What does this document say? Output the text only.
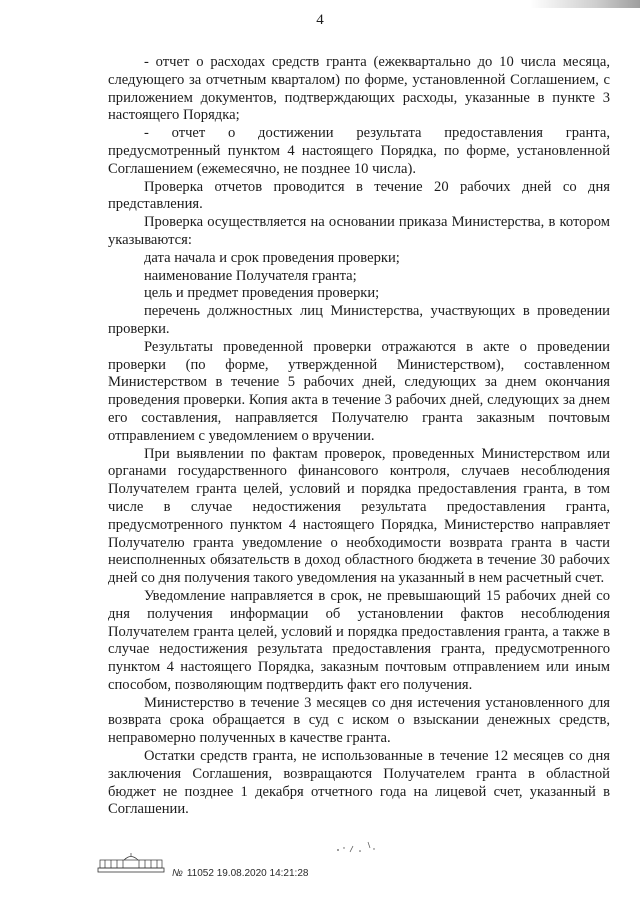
4

- отчет о расходах средств гранта (ежеквартально до 10 числа месяца, следующего за отчетным кварталом) по форме, установленной Соглашением, с приложением документов, подтверждающих расходы, указанные в пункте 3 настоящего Порядка;

- отчет о достижении результата предоставления гранта, предусмотренный пунктом 4 настоящего Порядка, по форме, установленной Соглашением (ежемесячно, не позднее 10 числа).

Проверка отчетов проводится в течение 20 рабочих дней со дня представления.

Проверка осуществляется на основании приказа Министерства, в котором указываются:

дата начала и срок проведения проверки;

наименование Получателя гранта;

цель и предмет проведения проверки;

перечень должностных лиц Министерства, участвующих в проведении проверки.

Результаты проведенной проверки отражаются в акте о проведении проверки (по форме, утвержденной Министерством), составленном Министерством в течение 5 рабочих дней, следующих за днем окончания проведения проверки. Копия акта в течение 3 рабочих дней, следующих за днем его составления, направляется Получателю гранта заказным почтовым отправлением с уведомлением о вручении.

При выявлении по фактам проверок, проведенных Министерством или органами государственного финансового контроля, случаев несоблюдения Получателем гранта целей, условий и порядка предоставления гранта, в том числе в случае недостижения результата предоставления гранта, предусмотренного пунктом 4 настоящего Порядка, Министерство направляет Получателю гранта уведомление о необходимости возврата гранта в части неисполненных обязательств в доход областного бюджета в течение 30 рабочих дней со дня получения такого уведомления на указанный в нем расчетный счет.

Уведомление направляется в срок, не превышающий 15 рабочих дней со дня получения информации об установлении фактов несоблюдения Получателем гранта целей, условий и порядка предоставления гранта, а также в случае недостижения результата предоставления гранта, предусмотренного пунктом 4 настоящего Порядка, заказным почтовым отправлением или иным способом, позволяющим подтвердить факт его получения.

Министерство в течение 3 месяцев со дня истечения установленного для возврата срока обращается в суд с иском о взыскании денежных средств, неправомерно полученных в качестве гранта.

Остатки средств гранта, не использованные в течение 12 месяцев со дня заключения Соглашения, возвращаются Получателем гранта в областной бюджет не позднее 1 декабря отчетного года на лицевой счет, указанный в Соглашении.

№ 11052 19.08.2020 14:21:28
